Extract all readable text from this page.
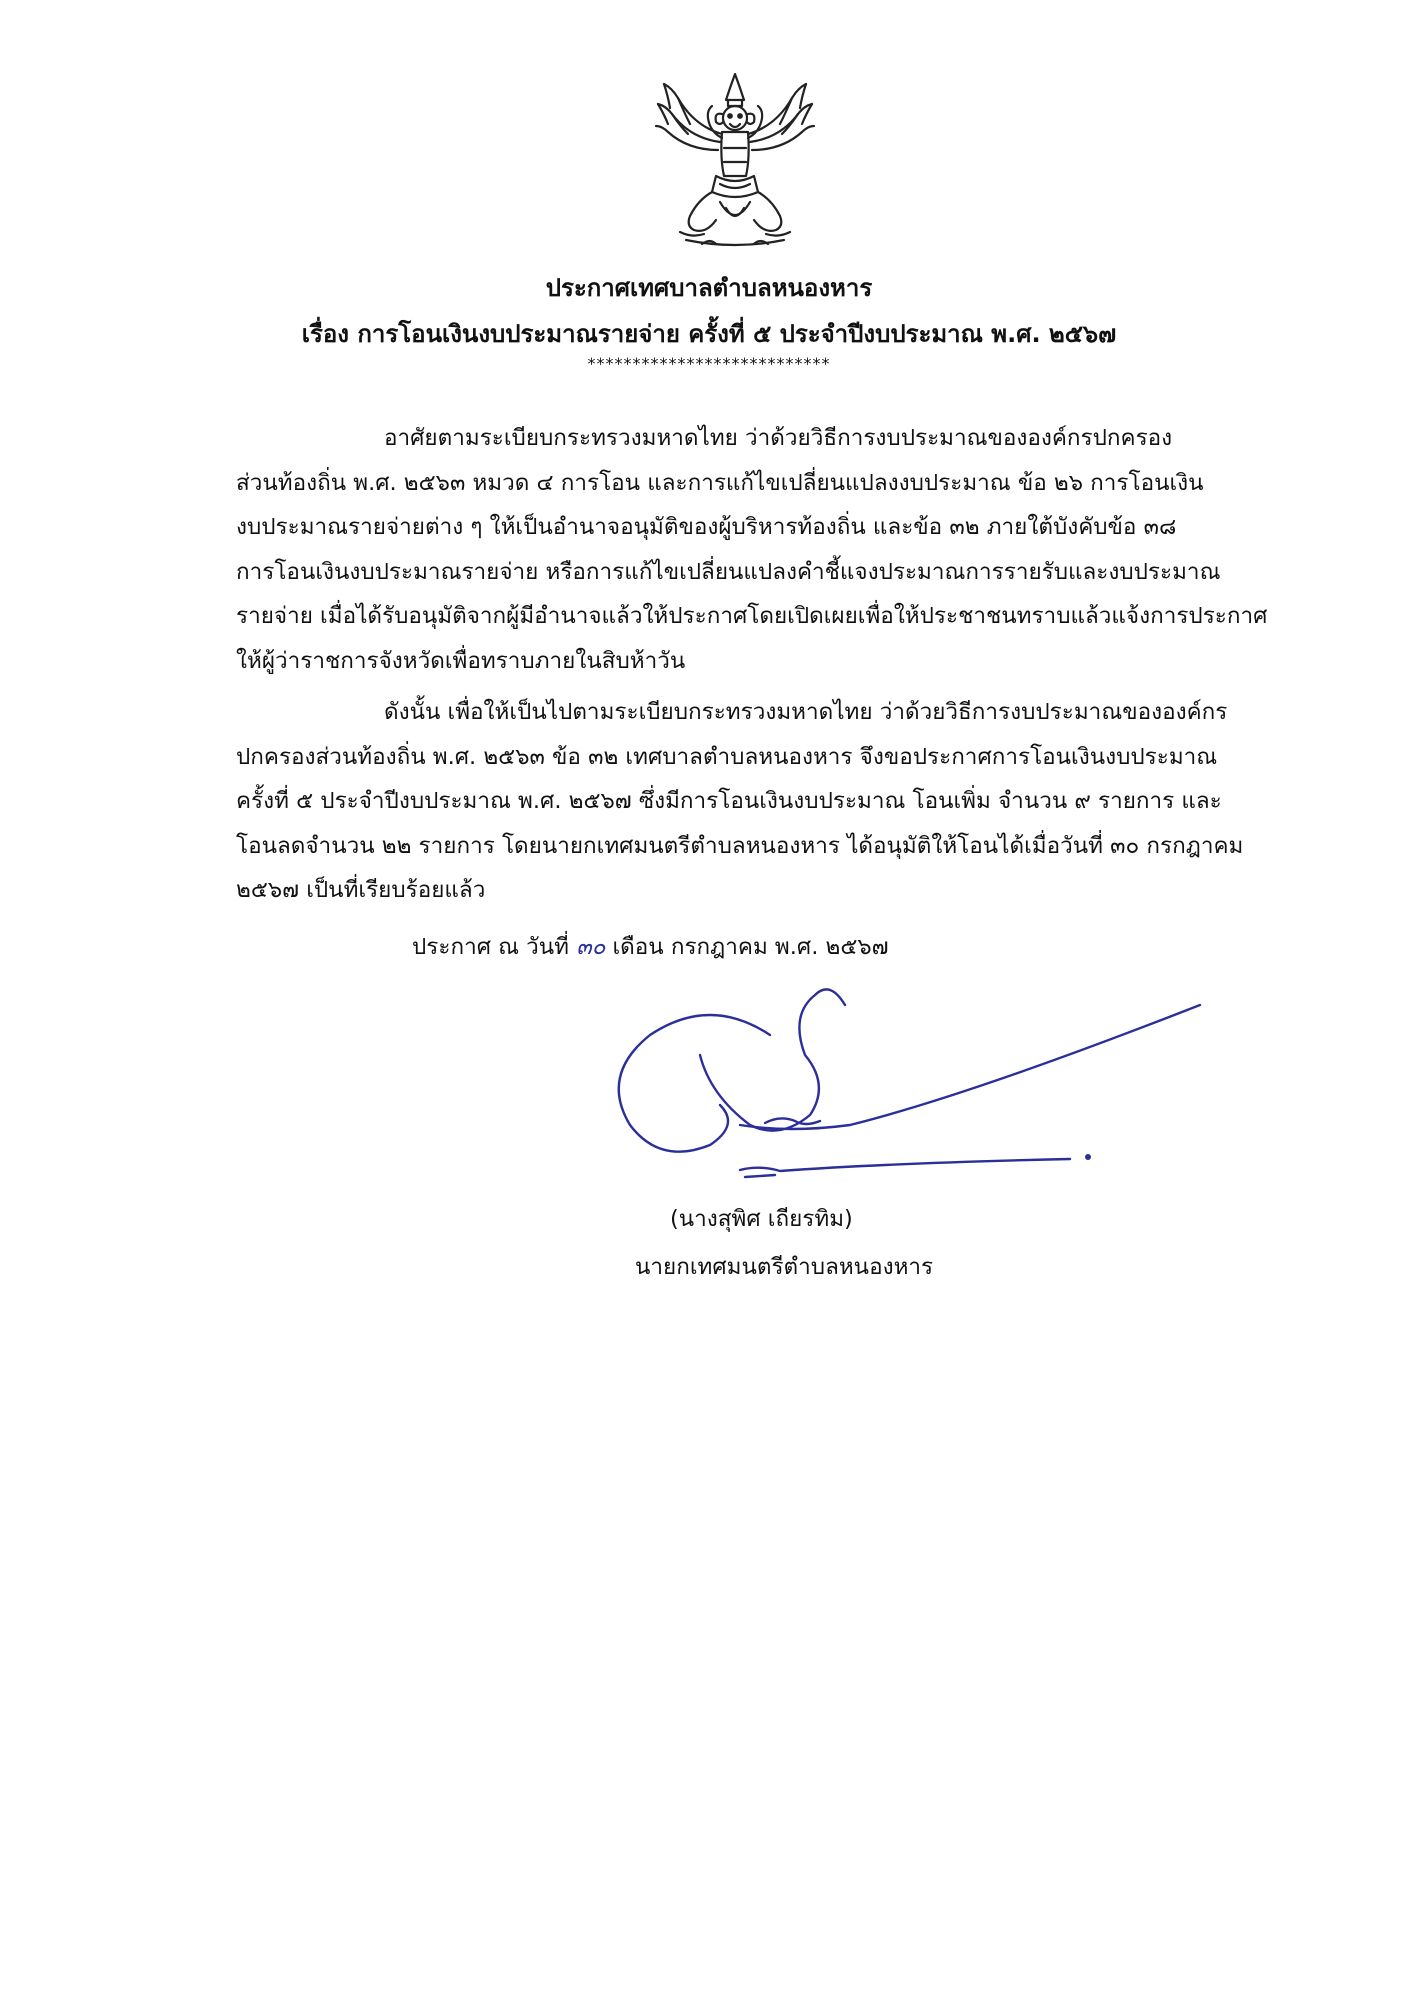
ประกาศเทศบาลตำบลหนองหาร
เรื่อง การโอนเงินงบประมาณรายจ่าย ครั้งที่ ๕ ประจำปีงบประมาณ พ.ศ. ๒๕๖๗
***************************
อาศัยตามระเบียบกระทรวงมหาดไทย ว่าด้วยวิธีการงบประมาณขององค์กรปกครอง
ส่วนท้องถิ่น พ.ศ. ๒๕๖๓ หมวด ๔ การโอน และการแก้ไขเปลี่ยนแปลงงบประมาณ ข้อ ๒๖ การโอนเงิน
งบประมาณรายจ่ายต่าง ๆ ให้เป็นอำนาจอนุมัติของผู้บริหารท้องถิ่น และข้อ ๓๒ ภายใต้บังคับข้อ ๓๘
การโอนเงินงบประมาณรายจ่าย หรือการแก้ไขเปลี่ยนแปลงคำชี้แจงประมาณการรายรับและงบประมาณ
รายจ่าย เมื่อได้รับอนุมัติจากผู้มีอำนาจแล้วให้ประกาศโดยเปิดเผยเพื่อให้ประชาชนทราบแล้วแจ้งการประกาศ
ให้ผู้ว่าราชการจังหวัดเพื่อทราบภายในสิบห้าวัน
ดังนั้น เพื่อให้เป็นไปตามระเบียบกระทรวงมหาดไทย ว่าด้วยวิธีการงบประมาณขององค์กร
ปกครองส่วนท้องถิ่น พ.ศ. ๒๕๖๓ ข้อ ๓๒ เทศบาลตำบลหนองหาร จึงขอประกาศการโอนเงินงบประมาณ
ครั้งที่ ๕ ประจำปีงบประมาณ พ.ศ. ๒๕๖๗ ซึ่งมีการโอนเงินงบประมาณ โอนเพิ่ม จำนวน ๙ รายการ และ
โอนลดจำนวน ๒๒ รายการ โดยนายกเทศมนตรีตำบลหนองหาร ได้อนุมัติให้โอนได้เมื่อวันที่ ๓๐ กรกฎาคม
๒๕๖๗ เป็นที่เรียบร้อยแล้ว
ประกาศ ณ วันที่ ๓๐ เดือน กรกฎาคม พ.ศ. ๒๕๖๗
(นางสุพิศ เถียรทิม)
นายกเทศมนตรีตำบลหนองหาร
